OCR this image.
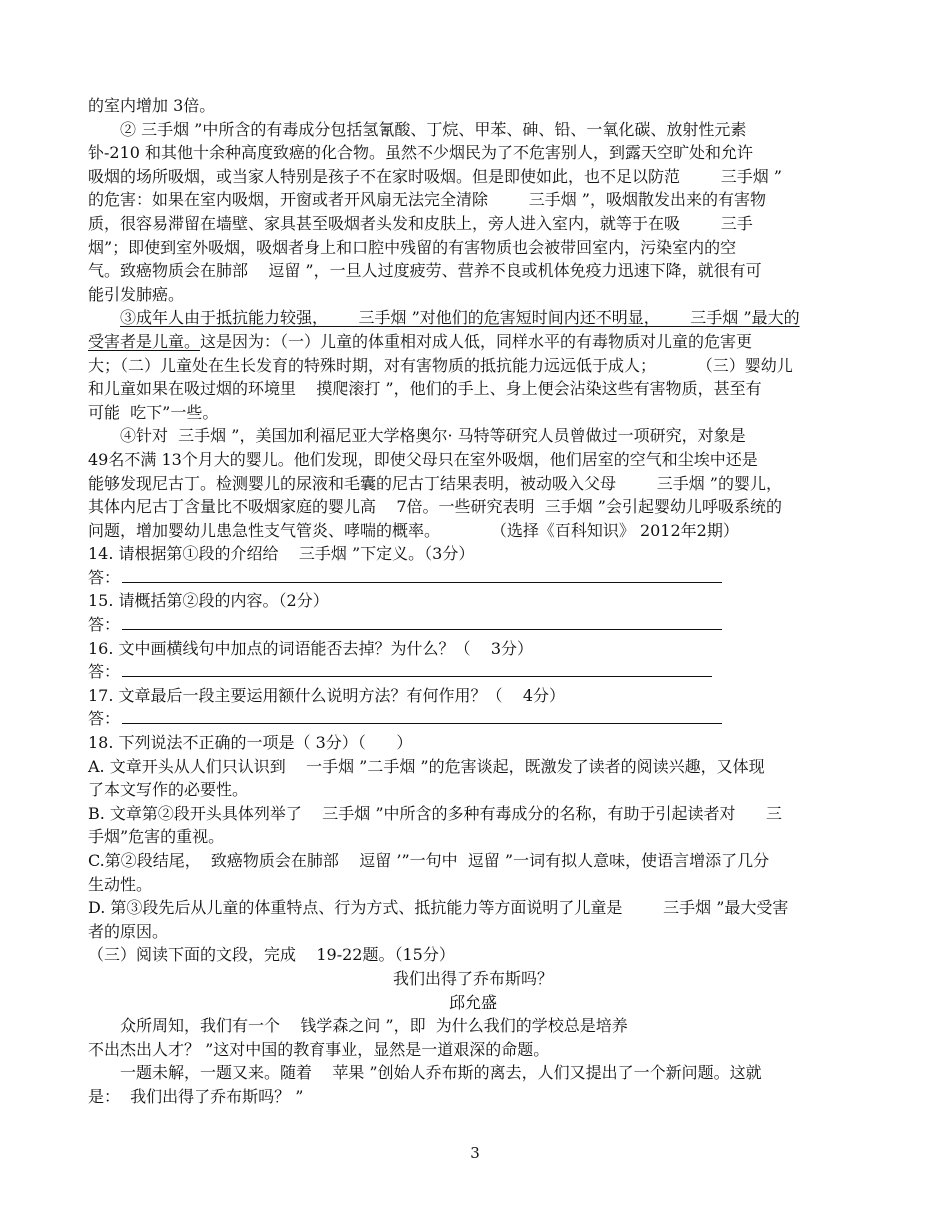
的室内增加 3倍。
② 三手烟 ”中所含的有毒成分包括氢氰酸、丁烷、甲苯、砷、铅、一氧化碳、放射性元素
钋-210 和其他十余种高度致癌的化合物。虽然不少烟民为了不危害别人，到露天空旷处和允许
吸烟的场所吸烟，或当家人特别是孩子不在家时吸烟。但是即使如此，也不足以防范        三手烟 ”
的危害：如果在室内吸烟，开窗或者开风扇无法完全清除        三手烟 ”，吸烟散发出来的有害物
质，很容易滞留在墙壁、家具甚至吸烟者头发和皮肤上，旁人进入室内，就等于在吸        三手
烟”；即使到室外吸烟，吸烟者身上和口腔中残留的有害物质也会被带回室内，污染室内的空
气。致癌物质会在肺部    逗留 ”，一旦人过度疲劳、营养不良或机体免疫力迅速下降，就很有可
能引发肺癌。
③成年人由于抵抗能力较强，      三手烟 ”对他们的危害短时间内还不明显，      三手烟 ”最大的
受害者是儿童。这是因为：（一）儿童的体重相对成人低，同样水平的有毒物质对儿童的危害更
大；（二）儿童处在生长发育的特殊时期，对有害物质的抵抗能力远远低于成人；        （三）婴幼儿
和儿童如果在吸过烟的环境里    摸爬滚打 ”，他们的手上、身上便会沾染这些有害物质，甚至有
可能  吃下”一些。
④针对  三手烟 ”，美国加利福尼亚大学格奥尔· 马特等研究人员曾做过一项研究，对象是
49名不满 13个月大的婴儿。他们发现，即使父母只在室外吸烟，他们居室的空气和尘埃中还是
能够发现尼古丁。检测婴儿的尿液和毛囊的尼古丁结果表明，被动吸入父母        三手烟 ”的婴儿，
其体内尼古丁含量比不吸烟家庭的婴儿高    7倍。一些研究表明  三手烟 ”会引起婴幼儿呼吸系统的
问题，增加婴幼儿患急性支气管炎、哮喘的概率。          （选择《百科知识》 2012年2期）
14. 请根据第①段的介绍给    三手烟 ”下定义。（3分）
答：
15. 请概括第②段的内容。（2分）
答：
16. 文中画横线句中加点的词语能否去掉？为什么？（    3分）
答：
17. 文章最后一段主要运用额什么说明方法？有何作用？（    4分）
答：
18. 下列说法不正确的一项是（ 3分）（      ）
A. 文章开头从人们只认识到    一手烟 ”二手烟 ”的危害谈起，既激发了读者的阅读兴趣，又体现
了本文写作的必要性。
B. 文章第②段开头具体列举了    三手烟 ”中所含的多种有毒成分的名称，有助于引起读者对      三
手烟”危害的重视。
C.第②段结尾，  致癌物质会在肺部    逗留 ’”一句中  逗留 ”一词有拟人意味，使语言增添了几分
生动性。
D. 第③段先后从儿童的体重特点、行为方式、抵抗能力等方面说明了儿童是        三手烟 ”最大受害
者的原因。
（三）阅读下面的文段，完成    19-22题。（15分）
我们出得了乔布斯吗？
邱允盛
众所周知，我们有一个    钱学森之问 ”，即  为什么我们的学校总是培养
不出杰出人才？ ”这对中国的教育事业，显然是一道艰深的命题。
一题未解，一题又来。随着    苹果 ”创始人乔布斯的离去，人们又提出了一个新问题。这就
是：  我们出得了乔布斯吗？ ”
3
